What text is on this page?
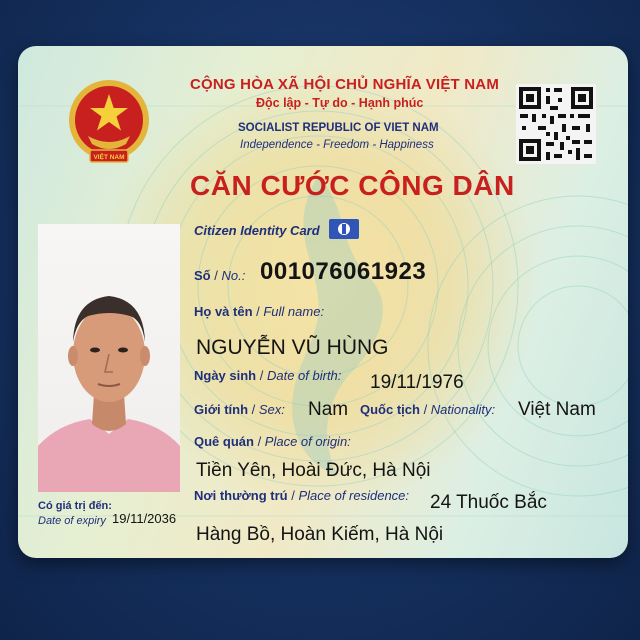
VIỆT NAM
CỘNG HÒA XÃ HỘI CHỦ NGHĨA VIỆT NAM
Độc lập - Tự do - Hạnh phúc
SOCIALIST REPUBLIC OF VIET NAM
Independence - Freedom - Happiness
CĂN CƯỚC CÔNG DÂN
Citizen Identity Card
Có giá trị đến:
Date of expiry 19/11/2036
Số / No.: 001076061923
Họ và tên / Full name:
NGUYỄN VŨ HÙNG
Ngày sinh / Date of birth: 19/11/1976
Giới tính / Sex: Nam Quốc tịch / Nationality: Việt Nam
Quê quán / Place of origin:
Tiền Yên, Hoài Đức, Hà Nội
Nơi thường trú / Place of residence: 24 Thuốc Bắc
Hàng Bồ, Hoàn Kiếm, Hà Nội
